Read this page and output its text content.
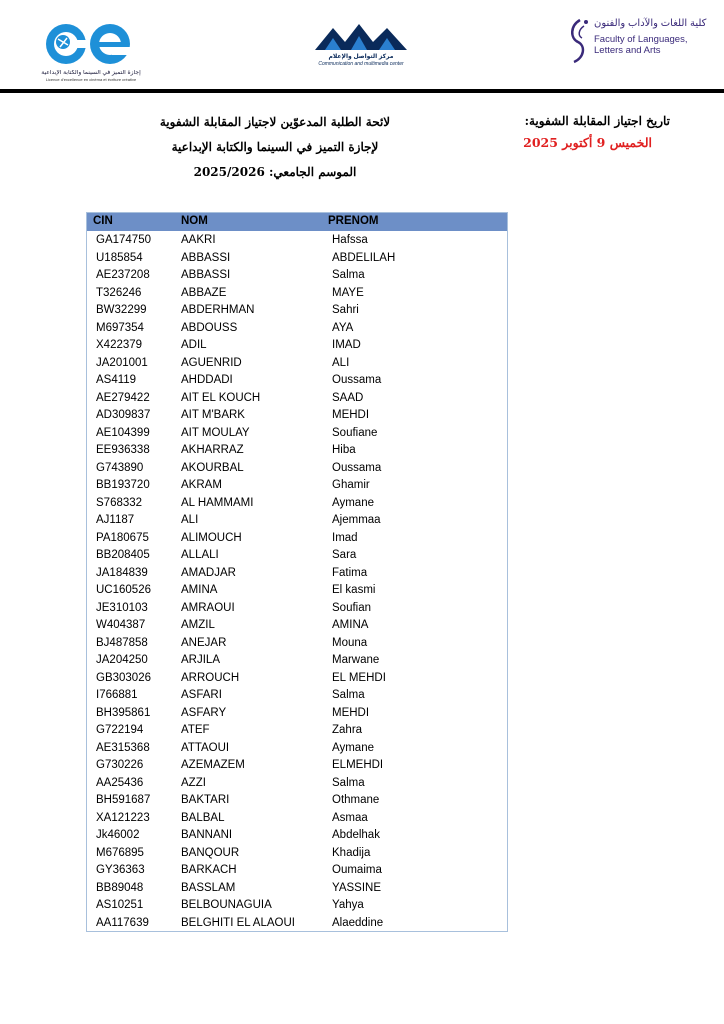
إجازة التميز في السينما والكتابة الإبداعية
Licence d'excellence en cinéma et écriture créative
مركز التواصل والإعلام
Communication and multimedia center
كلية اللغات والآداب والفنون
Faculty of Languages, Letters and Arts
لائحة الطلبة المدعوّين لاجتياز المقابلة الشفوية
لإجازة التميز في السينما والكتابة الإبداعية
الموسم الجامعي: 2025/2026
تاريخ اجتياز المقابلة الشفوية:
الخميس 9 أكتوبر 2025
CIN	NOM	PRENOM
GA174750	AAKRI	Hafssa
U185854	ABBASSI	ABDELILAH
AE237208	ABBASSI	Salma
T326246	ABBAZE	MAYE
BW32299	ABDERHMAN	Sahri
M697354	ABDOUSS	AYA
X422379	ADIL	IMAD
JA201001	AGUENRID	ALI
AS4119	AHDDADI	Oussama
AE279422	AIT EL KOUCH	SAAD
AD309837	AIT M'BARK	MEHDI
AE104399	AIT MOULAY	Soufiane
EE936338	AKHARRAZ	Hiba
G743890	AKOURBAL	Oussama
BB193720	AKRAM	Ghamir
S768332	AL HAMMAMI	Aymane
AJ1187	ALI	Ajemmaa
PA180675	ALIMOUCH	Imad
BB208405	ALLALI	Sara
JA184839	AMADJAR	Fatima
UC160526	AMINA	El kasmi
JE310103	AMRAOUI	Soufian
W404387	AMZIL	AMINA
BJ487858	ANEJAR	Mouna
JA204250	ARJILA	Marwane
GB303026	ARROUCH	EL MEHDI
I766881	ASFARI	Salma
BH395861	ASFARY	MEHDI
G722194	ATEF	Zahra
AE315368	ATTAOUI	Aymane
G730226	AZEMAZEM	ELMEHDI
AA25436	AZZI	Salma
BH591687	BAKTARI	Othmane
XA121223	BALBAL	Asmaa
Jk46002	BANNANI	Abdelhak
M676895	BANQOUR	Khadija
GY36363	BARKACH	Oumaima
BB89048	BASSLAM	YASSINE
AS10251	BELBOUNAGUIA	Yahya
AA117639	BELGHITI EL ALAOUI	Alaeddine
